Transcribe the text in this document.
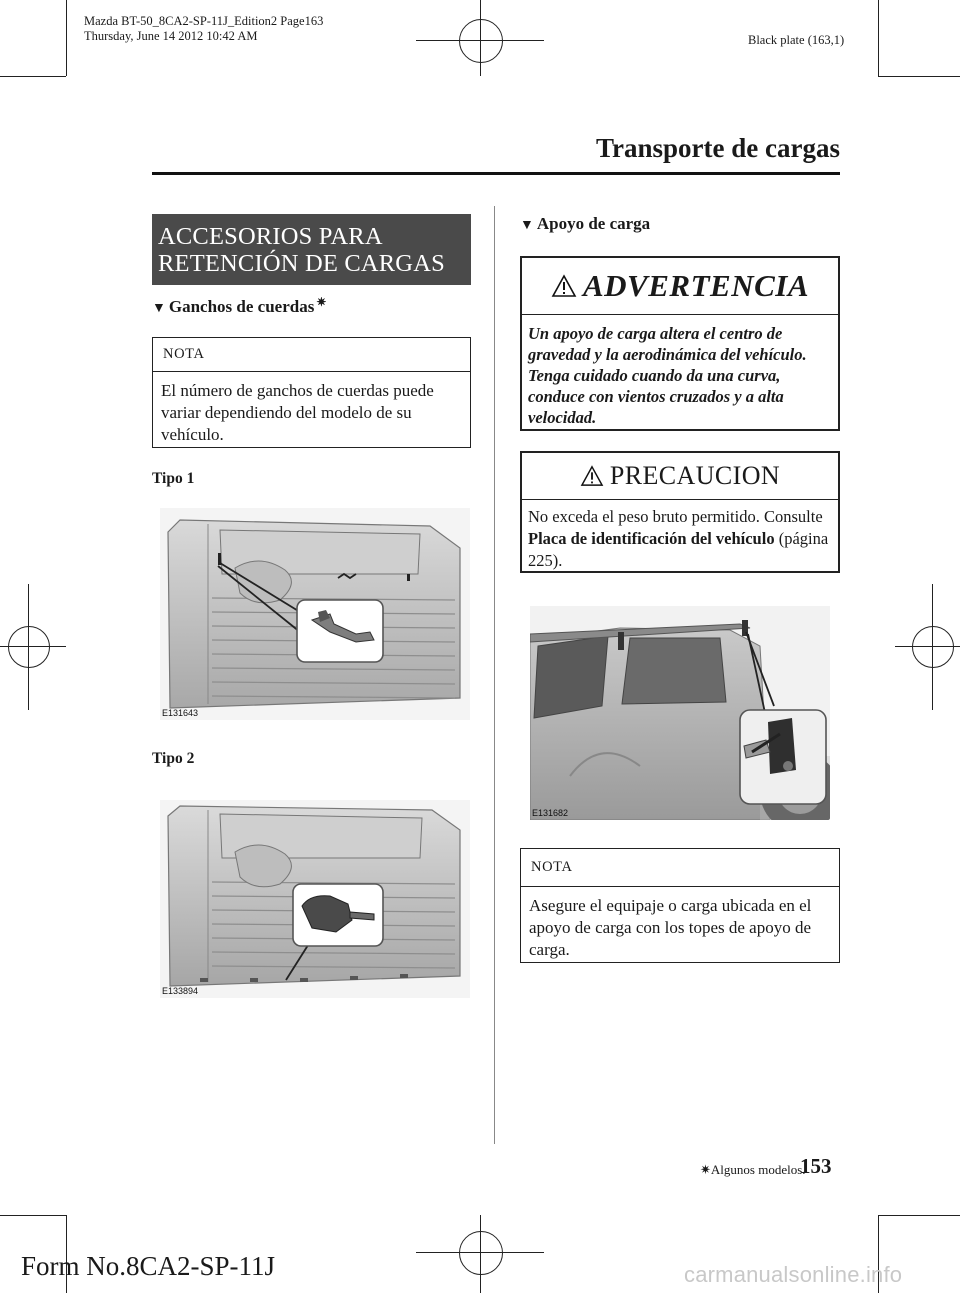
Mazda BT-50_8CA2-SP-11J_Edition2 Page163
Thursday, June 14 2012 10:42 AM	Black plate (163,1)
Transporte de cargas
ACCESORIOS PARA
RETENCIÓN DE CARGAS
▼ Ganchos de cuerdas ✷
NOTA
El número de ganchos de cuerdas puede variar dependiendo del modelo de su vehículo.
Tipo 1
E131643
Tipo 2
E133894
▼ Apoyo de carga
ADVERTENCIA
Un apoyo de carga altera el centro de gravedad y la aerodinámica del vehículo. Tenga cuidado cuando da una curva, conduce con vientos cruzados y a alta velocidad.
PRECAUCION
No exceda el peso bruto permitido. Consulte Placa de identificación del vehículo (página 225).
E131682
NOTA
Asegure el equipaje o carga ubicada en el apoyo de carga con los topes de apoyo de carga.
✷Algunos modelos.
153
Form No.8CA2-SP-11J	carmanualsonline.info
